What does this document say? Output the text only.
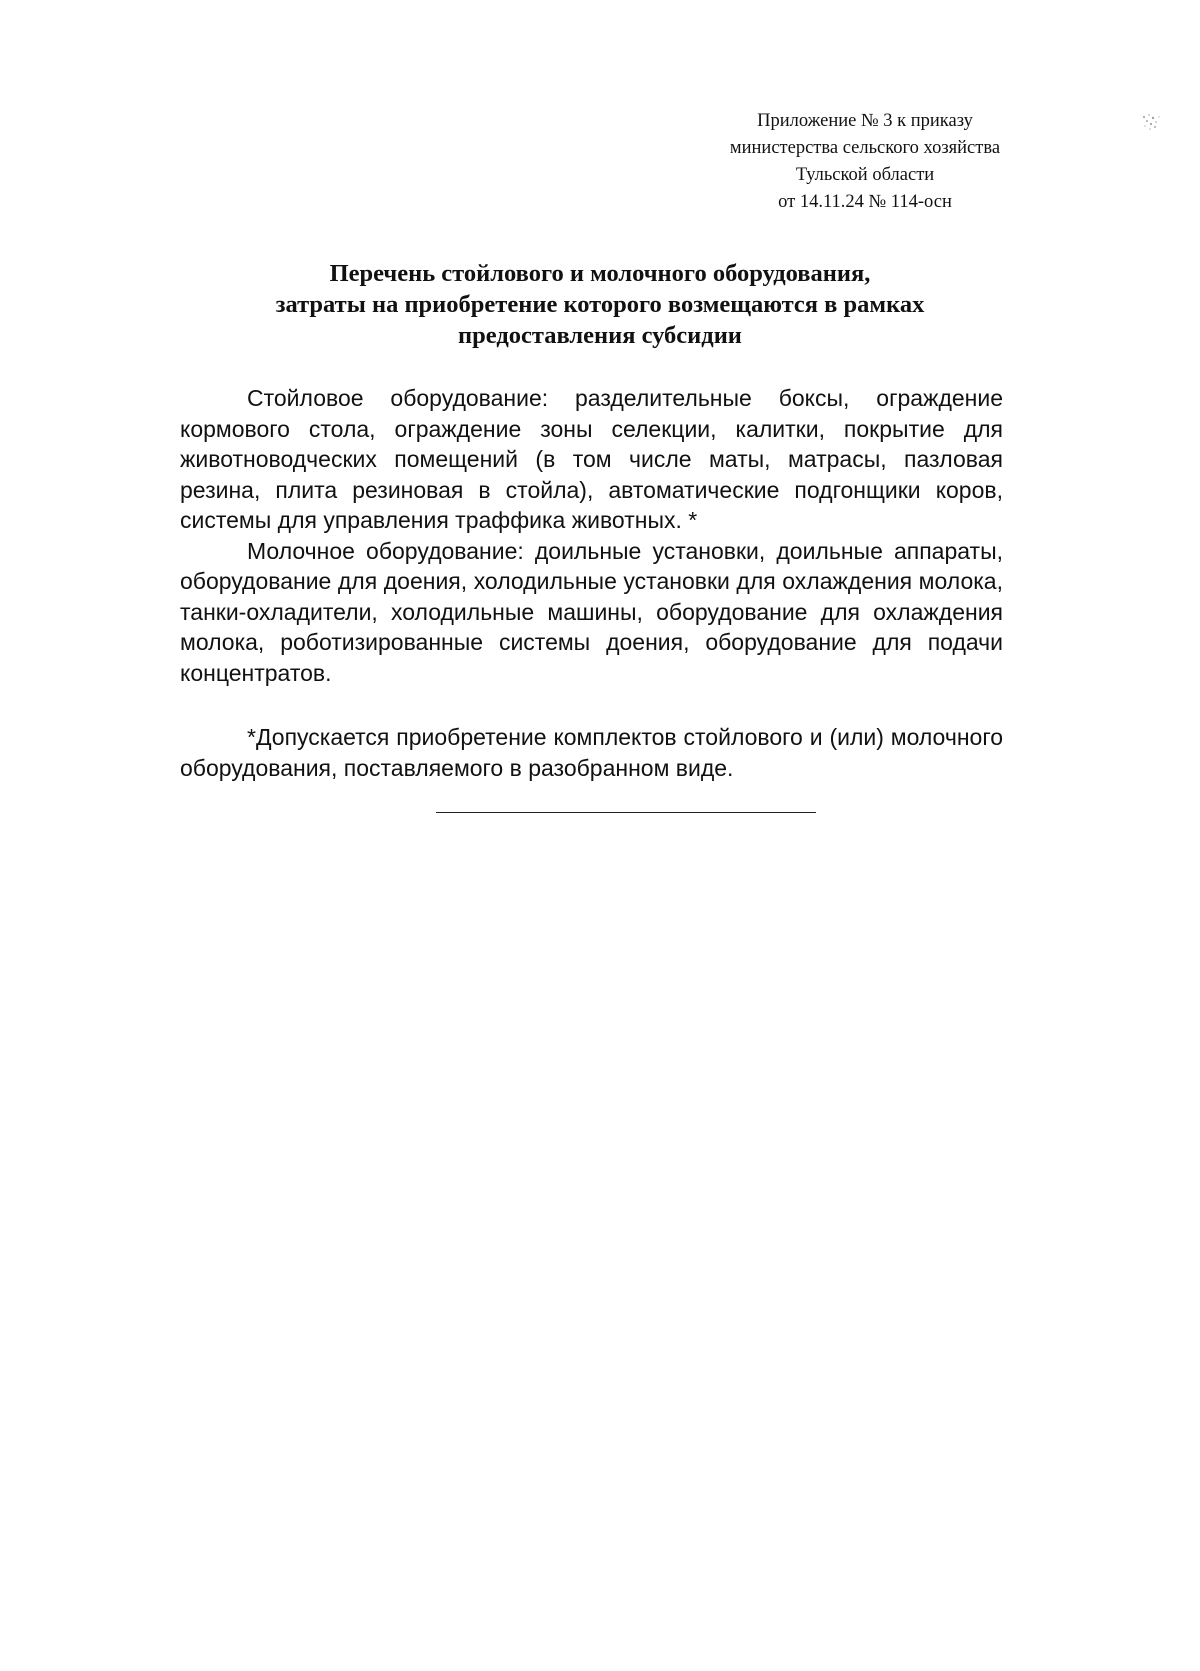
Приложение № 3 к приказу
министерства сельского хозяйства
Тульской области
от 14.11.24 № 114-осн
Перечень стойлового и молочного оборудования,
затраты на приобретение которого возмещаются в рамках
предоставления субсидии

Стойловое оборудование: разделительные боксы, ограждение кормового стола, ограждение зоны селекции, калитки, покрытие для животноводческих помещений (в том числе маты, матрасы, пазловая резина, плита резиновая в стойла), автоматические подгонщики коров, системы для управления траффика животных. *

Молочное оборудование: доильные установки, доильные аппараты, оборудование для доения, холодильные установки для охлаждения молока, танки-охладители, холодильные машины, оборудование для охлаждения молока, роботизированные системы доения, оборудование для подачи концентратов.

*Допускается приобретение комплектов стойлового и (или) молочного оборудования, поставляемого в разобранном виде.
